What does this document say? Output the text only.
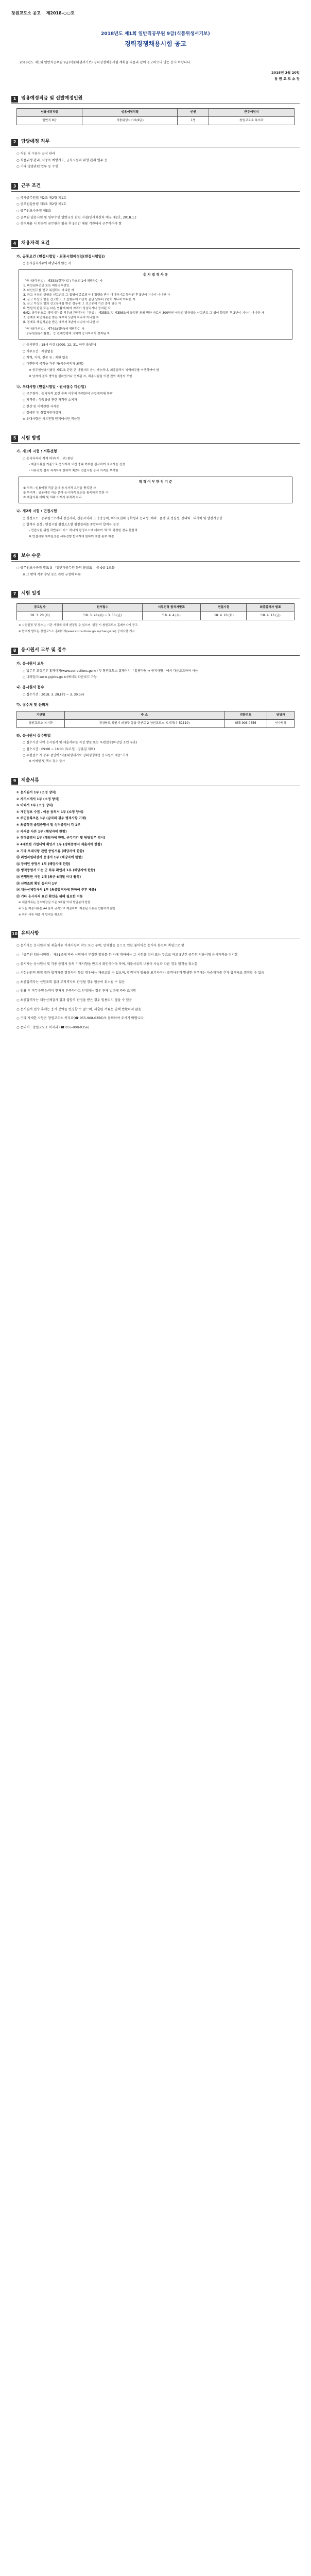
창원교도소 공고 제2018-○○호
2018년도 제1회 일반직공무원 9급(식품위생서기보)
경력경쟁채용시험 공고
2018년도 제1회 일반직공무원 9급(식품위생서기보) 경력경쟁채용시험 계획을 다음과 같이 공고하오니 많은 응시 바랍니다.
2018년 3월 20일
창 원 교 도 소 장
1	임용예정직급 및 선발예정인원
임용예정직급	임용예정직렬	인원	근무예정지
일반직 9급	식품위생서기보(9급)	1명	창원교도소 복지과
2	담당예정 직무
○ 직원 및 수용자 급식 관리
○ 식품위생 관리, 식중독 예방지도, 급식시설의 위생 관리 업무 등
○ 기타 영양관련 업무 등 수행
3	근무 조건
○ 국가공무원법 제2조 제2항 제1호
○ 공무원임용령 제3조 제2항 제1호
○ 공무원보수규정 제5조
○ 공무원 임용시험 및 임무수행 일반규정 관련 지침(인사혁신처 예규 제2호, 2018.1.)
○ 경력채용 시 임용된 공무원은 임용 후 5년간 해당 기관에서 근무하여야 함
4	채용자격 요건
가. 공통요건 (면접시험일 · 최종시험예정일(면접시험일))
○ 응시결격사유에 해당되지 않는 자
응 시 결 격 사 유
「국가공무원법」 제33조(결격사유) 각호의 1에 해당하는 자
1. 피성년후견인 또는 피한정후견인
2. 파산선고를 받고 복권되지 아니한 자
3. 금고 이상의 실형을 선고받고 그 집행이 종료되거나 집행을 받지 아니하기로 확정된 후 5년이 지나지 아니한 자
4. 금고 이상의 형을 선고받고 그 집행유예 기간이 끝난 날부터 2년이 지나지 아니한 자
5. 금고 이상의 형의 선고유예를 받은 경우에 그 선고유예 기간 중에 있는 자
6. 법원의 판결 또는 다른 법률에 따라 자격이 상실되거나 정지된 자
6의2. 공무원으로 재직기간 중 직무와 관련하여 「형법」 제355조 및 제356조에 규정된 죄를 범한 자로서 300만원 이상의 벌금형을 선고받고 그 형이 확정된 후 2년이 지나지 아니한 자
7. 징계로 파면처분을 받은 때부터 5년이 지나지 아니한 자
8. 징계로 해임처분을 받은 때부터 3년이 지나지 아니한 자
「국가공무원법」 제74조(정년)에 해당하는 자
「공무원임용시험령」 등 관계법령에 의하여 응시자격이 정지된 자
○ 응시연령 : 18세 이상 (2000. 12. 31. 이전 출생자)
○ 거주요건 : 제한없음
○ 학력, 지역, 전공 등 : 제한 없음
○ 대한민국 국적을 가진 자(복수국적자 포함)
※ 공무원임용시험령 제51조 관련 군 미필자도 응시 가능하나, 최종합격시 병역의무를 이행하여야 함
※ 남자의 경우 병역을 필하였거나 면제된 자, 최종시험일 이전 전역 예정자 포함
나. 우대사항 (면접시험일 · 원서접수 마감일)
○ 근무경력 : 응시자격 요건 충족 이후의 관련분야 근무경력에 한함
○ 자격증 : 식품위생 관련 자격증 소지자
○ 전산 및 어학관련 자격증
○ 장애인 및 취업지원대상자
※ 우대사항은 서류전형 단계에서만 적용됨
5	시험 방법
가. 제1차 시험 : 서류전형
○ 응시자격의 적격 여부(적 ․ 부) 판단
- 제출서류를 기준으로 응시자격 요건 충족 여부를 심사하여 적격자를 선정
- 서류전형 결과 적격자에 한하여 제2차 면접시험 응시 자격을 부여함
적 격 여 부 판 정 기 준
① 적격 : 임용예정 직급 분야 응시자격 요건을 충족한 자
② 부적격 : 임용예정 직급 분야 응시자격 요건을 충족하지 못한 자
③ 제출서류 미비 및 허위 기재시 부적격 처리
나. 제2차 시험 : 면접시험
○ 평정요소 : 공무원으로서의 정신자세, 전문지식과 그 응용능력, 의사표현의 정확성과 논리성, 예의 ․ 품행 및 성실성, 창의력 ․ 의지력 및 발전가능성
○ 합격자 결정 : 면접시험 평정요소별 평정결과를 종합하여 합격자 결정
- 면접시험 위원 과반수가 어느 하나의 평정요소에 대하여 ‘하’로 평정한 경우 불합격
※ 면접시험 세부일정은 서류전형 합격자에 한하여 개별 통보 예정
6	보수 수준
○ 공무원보수규정 별표 3 「일반직공무원 등의 봉급표」 중 9급 1호봉
※ 그 밖에 각종 수당 등은 관련 규정에 따름
7	시험 일정
공고일자	원서접수	서류전형 합격자발표	면접시험	최종합격자 발표
'18. 3. 20.(화)	'18. 3. 28.(수) ~ 3. 30.(금)	'18. 4. 4.(수)	'18. 4. 10.(화)	'18. 4. 13.(금)
※ 시험일정 및 장소는 기관 사정에 의해 변경될 수 있으며, 변경 시 창원교도소 홈페이지에 공고
※ 합격자 발표는 창원교도소 홈페이지(www.corrections.go.kr/changwon) 공지사항 게시
8	응시원서 교부 및 접수
가. 응시원서 교부
○ 법무부 교정본부 홈페이지(www.corrections.go.kr) 및 창원교도소 홈페이지 「알림마당 ⇒ 공지사항」에서 다운로드하여 사용
○ 나라일터(www.gojobs.go.kr)에서도 다운로드 가능
나. 응시원서 접수
○ 접수기간 : 2018. 3. 28.(수) ~ 3. 30.(금)
다. 접수처 및 문의처
기관명	주 소	전화번호	담당자
창원교도소 복지과	경상남도 창원시 의창구 동읍 금산로 2 창원교도소 복지과(우 51110)	055-908-0356	인사담당
라. 응시원서 접수방법
○ 접수기간 내에 응시원서 및 제출서류를 직접 방문 또는 우편접수(마감일 소인 유효)
○ 접수시간 : 09:00 ~ 18:00 (토요일 ․ 공휴일 제외)
○ 우편접수 시 봉투 겉면에 '식품위생서기보 경력경쟁채용 응시원서 재중' 기재
※ 이메일 및 팩스 접수 불가
9	제출서류
① 응시원서 1부 (소정 양식)
② 자기소개서 1부 (소정 양식)
③ 이력서 1부 (소정 양식)
④ 개인정보 수집 ․ 이용 동의서 1부 (소정 양식)
⑤ 주민등록초본 1부 (남자의 경우 병적사항 기재)
⑥ 최종학력 졸업증명서 및 성적증명서 각 1부
⑦ 자격증 사본 1부 (해당자에 한함)
⑧ 경력증명서 1부 (해당자에 한함, 근무기간 및 담당업무 명시)
⑨ 4대보험 가입내역 확인서 1부 (경력증명서 제출자에 한함)
⑩ 기타 우대사항 관련 증빙서류 (해당자에 한함)
⑪ 취업지원대상자 증명서 1부 (해당자에 한함)
⑫ 장애인 증명서 1부 (해당자에 한함)
⑬ 병적증명서 또는 군 복무 확인서 1부 (해당자에 한함)
⑭ 반명함판 사진 2매 (최근 6개월 이내 촬영)
⑮ 신원조회 확인 동의서 1부
⑯ 채용신체검사서 1부 (최종합격자에 한하여 추후 제출)
⑰ 기타 응시자격 요건 확인을 위해 필요한 서류
※ 제출서류는 접수마감일 기준 3개월 이내 발급분에 한함
※ 모든 제출서류는 A4 용지 규격으로 제출하며, 제출된 서류는 반환하지 않음
※ 허위 서류 제출 시 합격을 취소함
10 유의사항
○ 응시자는 응시원서 및 제출서류 기재사항의 착오 또는 누락, 연락불능 등으로 인한 불이익은 응시자 본인의 책임으로 함
○ 「공무원 임용시험령」 제51조에 따라 시험에서 부정한 행위를 한 자에 대하여는 그 시험을 정지 또는 무효로 하고 5년간 공무원 임용시험 응시자격을 정지함
○ 응시자는 응시원서 및 각종 증명서 등의 기재사항을 반드시 확인하여야 하며, 제출서류의 내용이 사실과 다른 경우 합격을 취소함
○ 시험위원의 평정 결과 합격자를 결정하지 못할 경우에는 재공고할 수 있으며, 합격자가 임용을 포기하거나 결격사유가 발생한 경우에는 차순위자를 추가 합격자로 결정할 수 있음
○ 최종합격자는 신원조회 결과 부적격자로 판정될 경우 임용이 취소될 수 있음
○ 임용 후 직무수행 능력이 현저히 부족하다고 인정되는 경우 관계 법령에 따라 조치함
○ 최종합격자는 채용신체검사 결과 불합격 판정을 받은 경우 임용되지 않을 수 있음
○ 응시원서 접수 후에는 응시 분야를 변경할 수 없으며, 제출된 서류는 일체 반환하지 않음
○ 기타 자세한 사항은 창원교도소 복지과(☎ 055-908-0356)로 문의하여 주시기 바랍니다.
○ 문의처 : 창원교도소 복지과 (☎ 055-908-0356)
